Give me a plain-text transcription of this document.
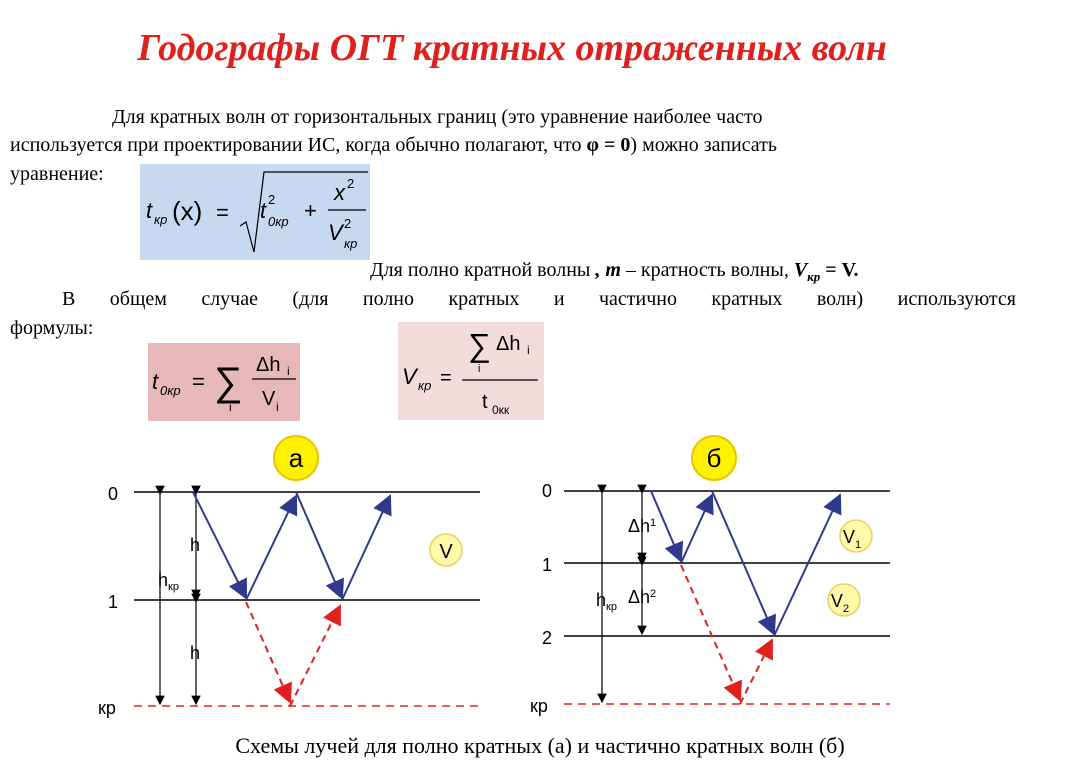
Годографы ОГТ кратных отраженных волн
Для кратных волн от горизонтальных границ (это уравнение наиболее часто
используется при проектировании ИС, когда обычно полагают, что φ = 0) можно записать
уравнение:
t кр (x) = t 2
0кр +
x 2
V 2
кр
Для полно кратной волны , m – кратность волны, $V_{кр} = V$.
В общем случае (для полно кратных и частично кратных волн) используются
формулы:
t 0кр = ∑
i
Δh i
V i
V кр =
∑
i
Δh i
t 0кк
а
0
1
кр
h
h
$h_{кр}$
V
б
0
1
2
кр
$\Delta h^1$
$\Delta h^2$
$h_{кр}$
$V_1$
$V_2$
Схемы лучей для полно кратных (а) и частично кратных волн (б)
